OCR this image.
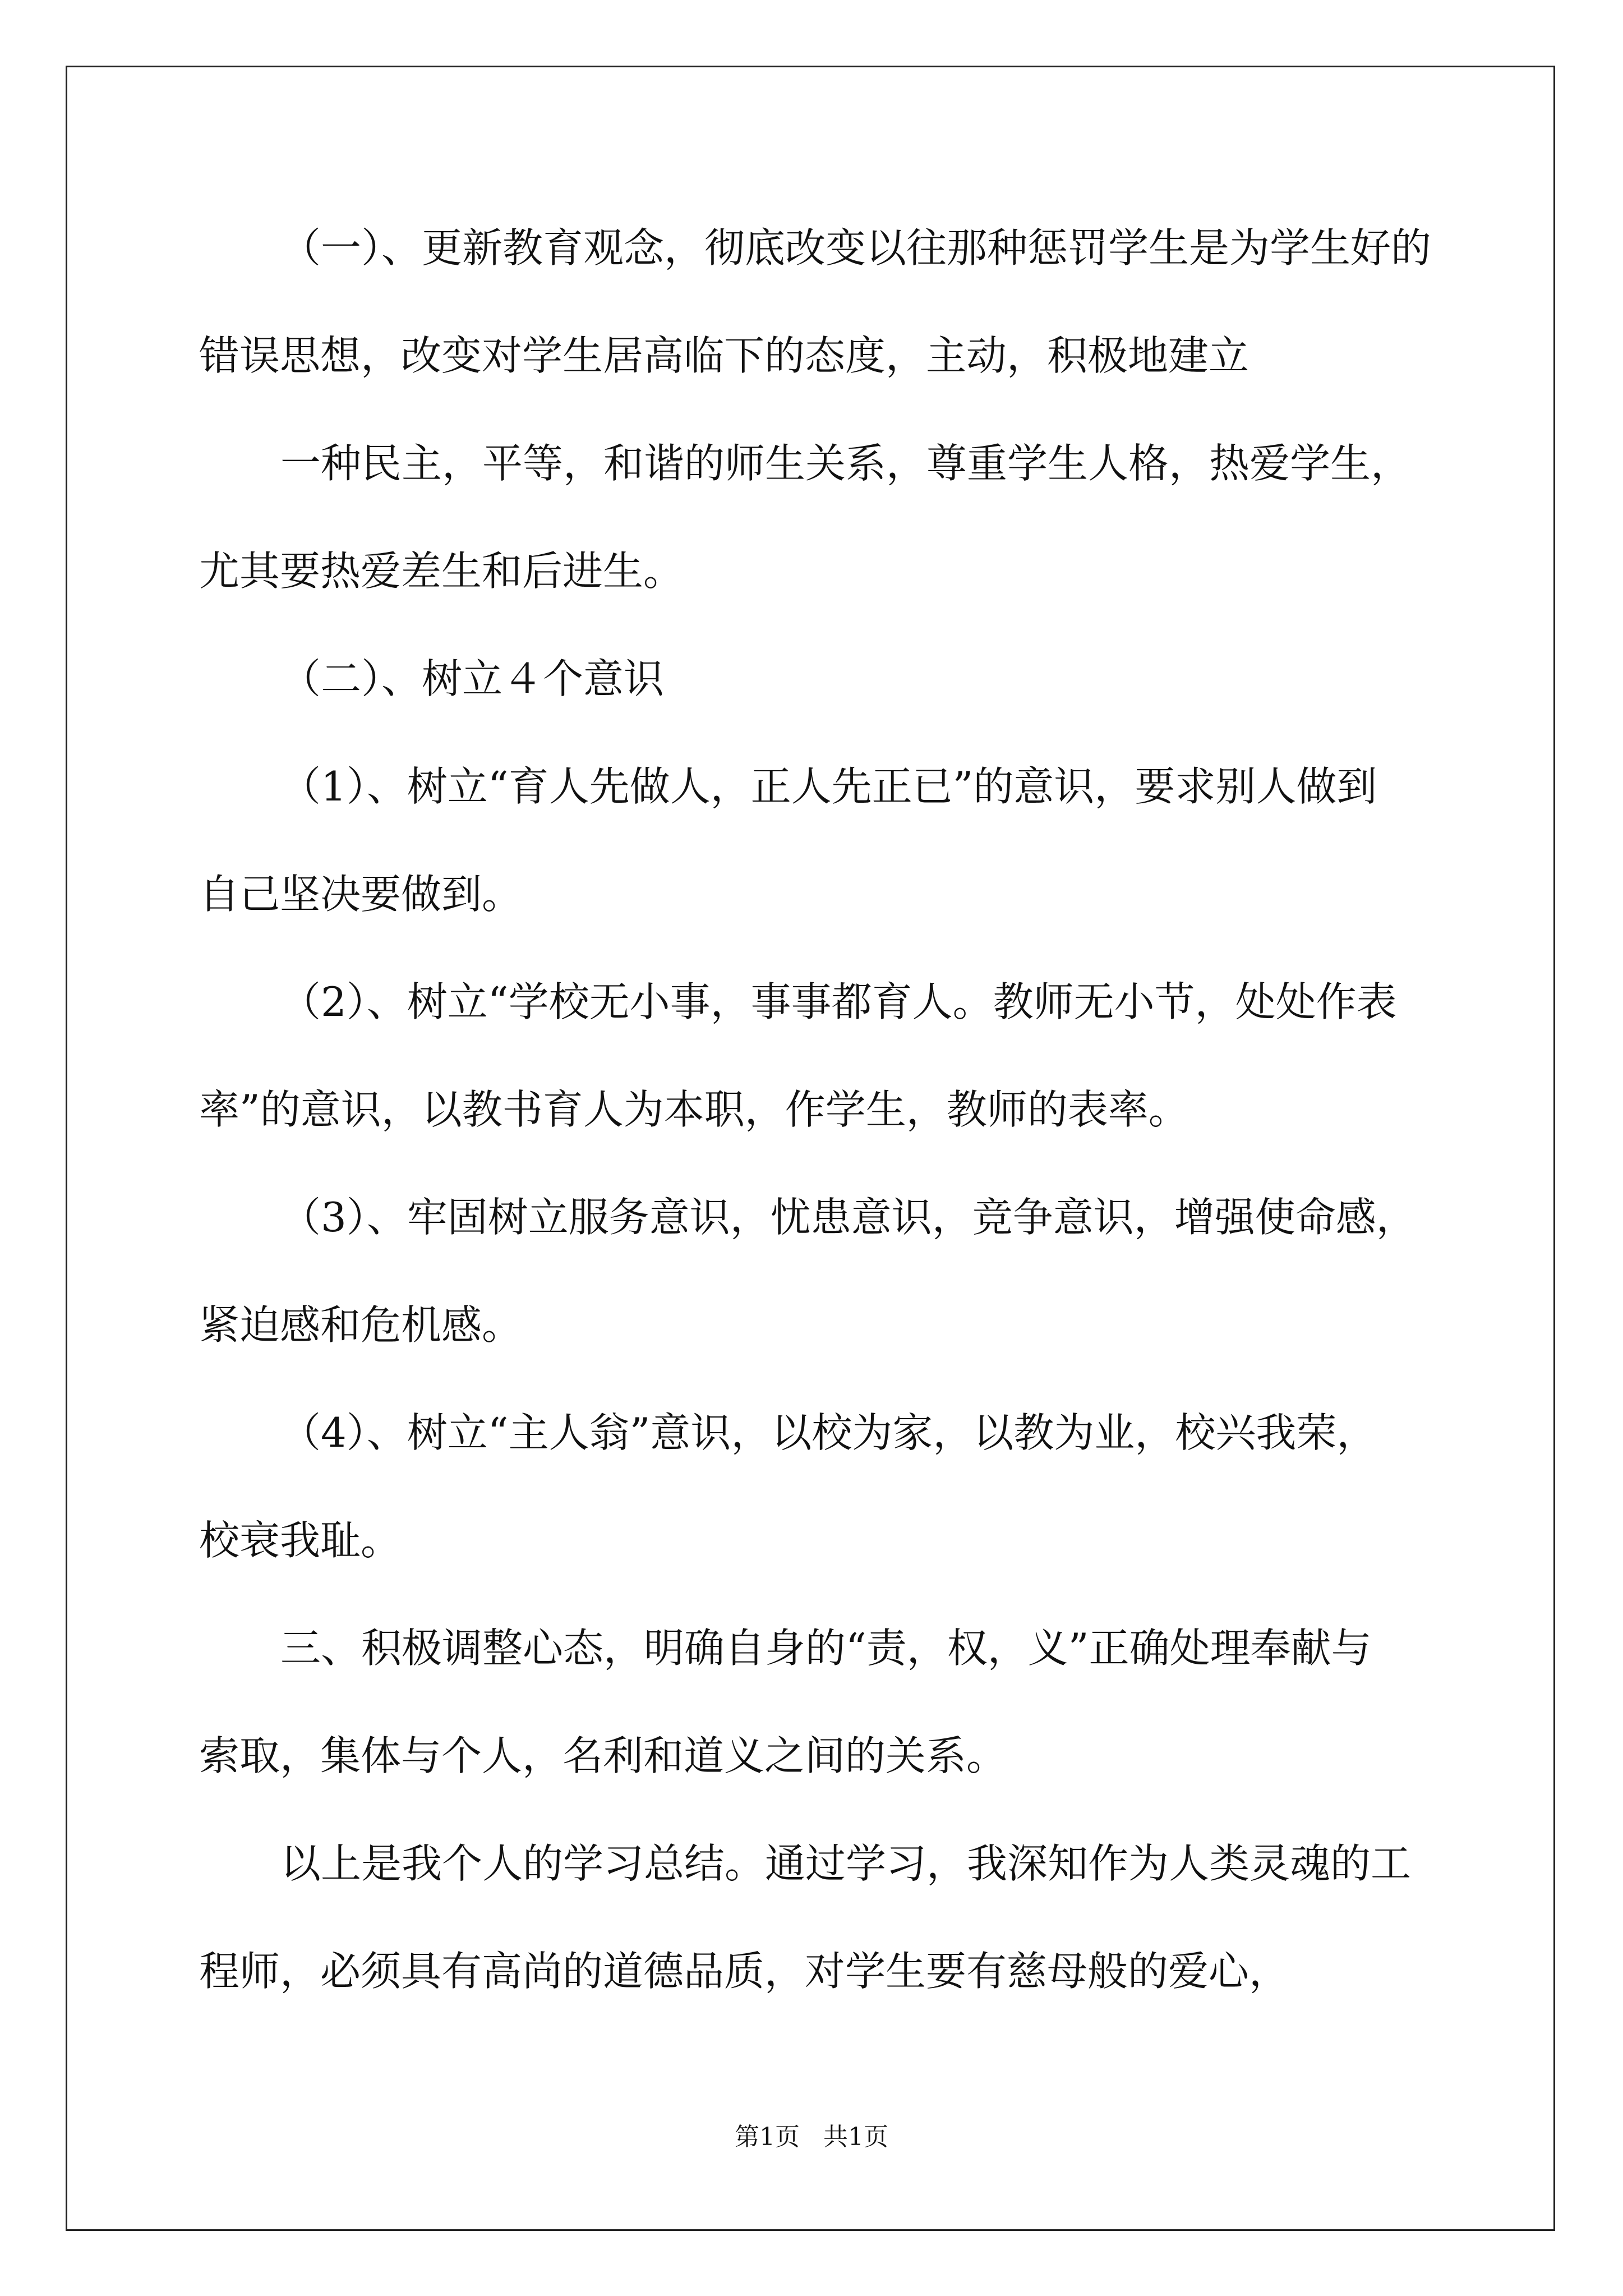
（一）、更新教育观念，彻底改变以往那种惩罚学生是为学生好的
错误思想，改变对学生居高临下的态度，主动，积极地建立
一种民主，平等，和谐的师生关系，尊重学生人格，热爱学生，
尤其要热爱差生和后进生。
（二）、树立４个意识
（1）、树立“育人先做人，正人先正已”的意识，要求别人做到
自己坚决要做到。
（2）、树立“学校无小事，事事都育人。教师无小节，处处作表
率”的意识，以教书育人为本职，作学生，教师的表率。
（3）、牢固树立服务意识，忧患意识，竞争意识，增强使命感，
紧迫感和危机感。
（4）、树立“主人翁”意识，以校为家，以教为业，校兴我荣，
校衰我耻。
三、积极调整心态，明确自身的“责，权，义”正确处理奉献与
索取，集体与个人，名利和道义之间的关系。
以上是我个人的学习总结。通过学习，我深知作为人类灵魂的工
程师，必须具有高尚的道德品质，对学生要有慈母般的爱心，
第1页   共1页
